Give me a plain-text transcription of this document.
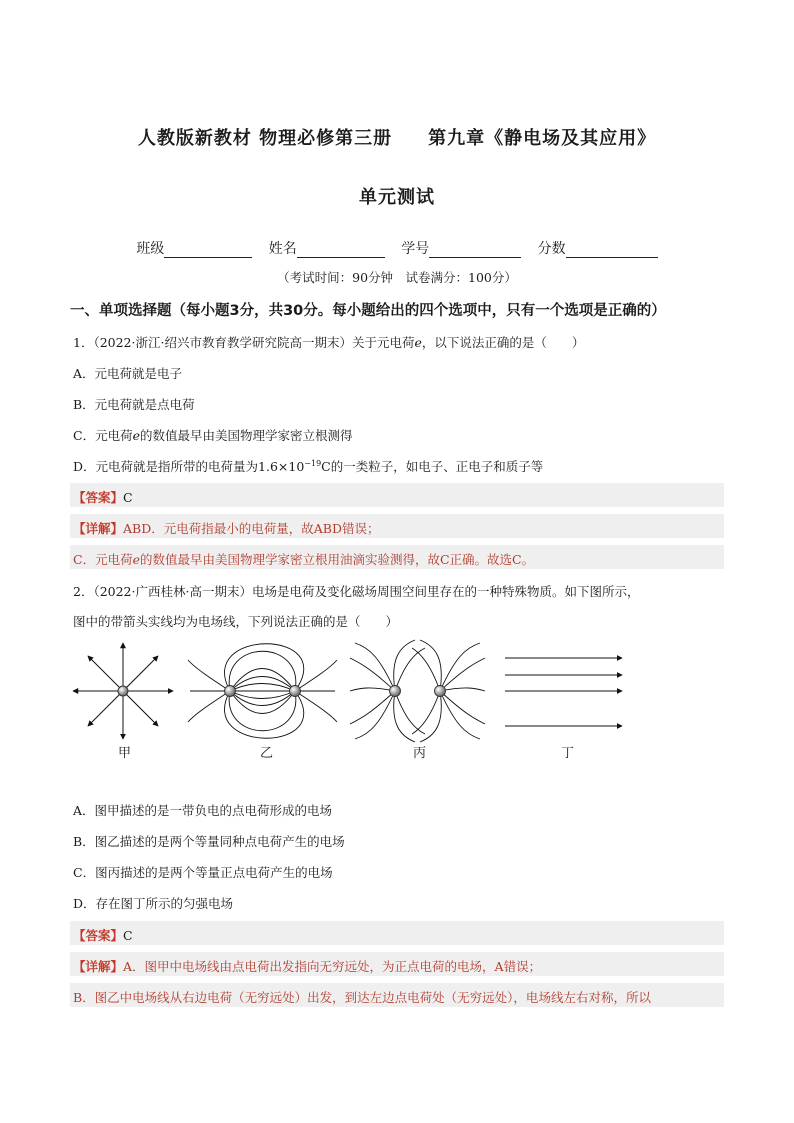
人教版新教材 物理必修第三册 第九章《静电场及其应用》
单元测试
班级	姓名	学号	分数
（考试时间：90分钟　试卷满分：100分）
一、单项选择题（每小题3分，共30分。每小题给出的四个选项中，只有一个选项是正确的）
1．（2022·浙江·绍兴市教育教学研究院高一期末）关于元电荷e，以下说法正确的是（　　）
A．元电荷就是电子
B．元电荷就是点电荷
C．元电荷e的数值最早由美国物理学家密立根测得
D．元电荷就是指所带的电荷量为$1.6\times 10^{-19}C$的一类粒子，如电子、正电子和质子等
【答案】C
【详解】ABD．元电荷指最小的电荷量，故ABD错误；
C．元电荷e的数值最早由美国物理学家密立根用油滴实验测得，故C正确。故选C。
2．（2022·广西桂林·高一期末）电场是电荷及变化磁场周围空间里存在的一种特殊物质。如下图所示，
图中的带箭头实线均为电场线，下列说法正确的是（　　）
甲	乙	丙	丁
A．图甲描述的是一带负电的点电荷形成的电场
B．图乙描述的是两个等量同种点电荷产生的电场
C．图丙描述的是两个等量正点电荷产生的电场
D．存在图丁所示的匀强电场
【答案】C
【详解】A．图甲中电场线由点电荷出发指向无穷远处，为正点电荷的电场，A错误；
B．图乙中电场线从右边电荷（无穷远处）出发，到达左边点电荷处（无穷远处），电场线左右对称，所以
